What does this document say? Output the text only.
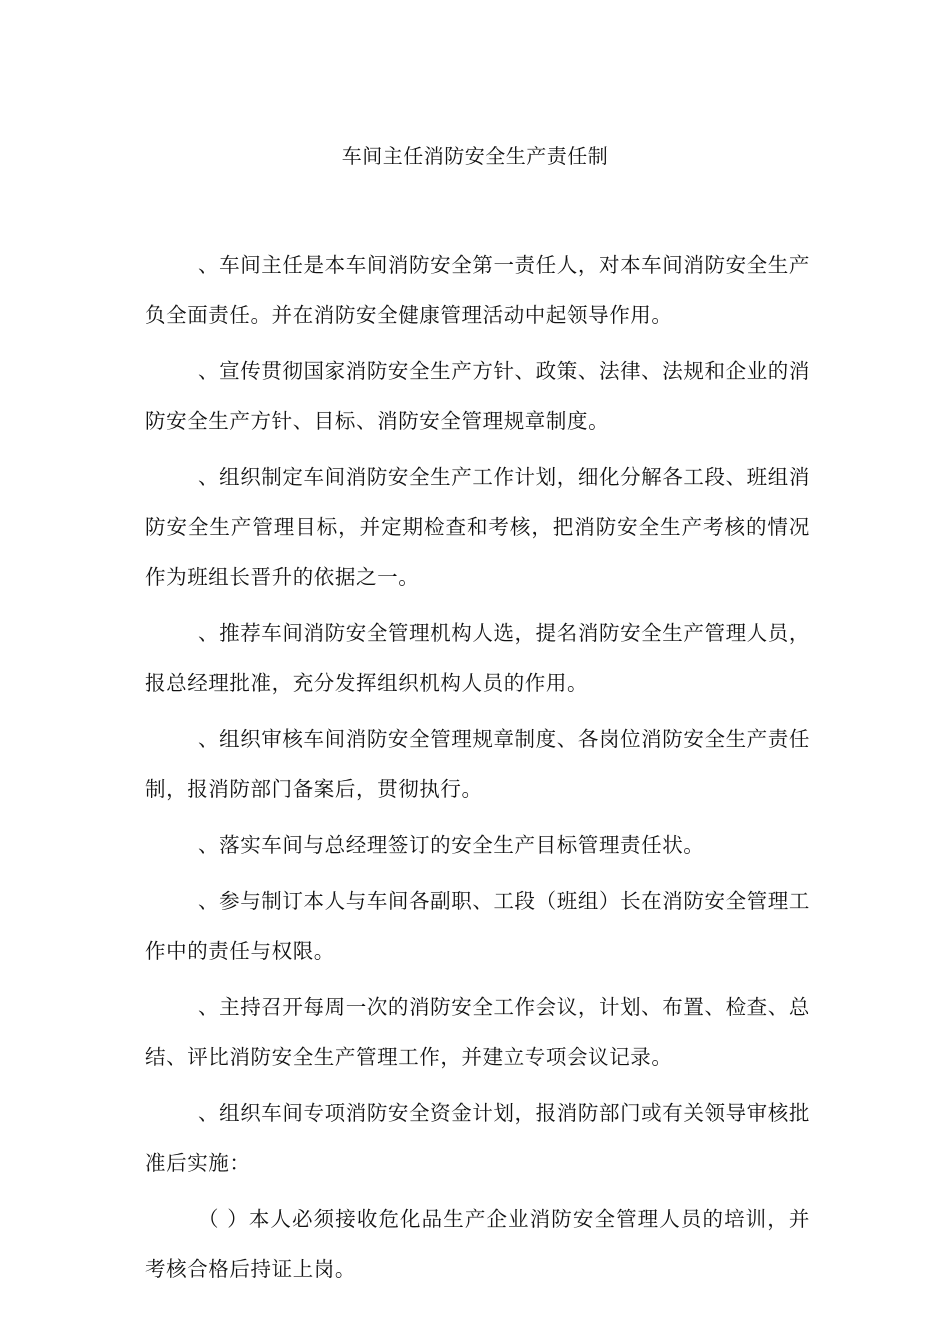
车间主任消防安全生产责任制

、车间主任是本车间消防安全第一责任人，对本车间消防安全生产负全面责任。并在消防安全健康管理活动中起领导作用。

、宣传贯彻国家消防安全生产方针、政策、法律、法规和企业的消防安全生产方针、目标、消防安全管理规章制度。

、组织制定车间消防安全生产工作计划，细化分解各工段、班组消防安全生产管理目标，并定期检查和考核，把消防安全生产考核的情况作为班组长晋升的依据之一。

、推荐车间消防安全管理机构人选，提名消防安全生产管理人员，报总经理批准，充分发挥组织机构人员的作用。

、组织审核车间消防安全管理规章制度、各岗位消防安全生产责任制，报消防部门备案后，贯彻执行。

、落实车间与总经理签订的安全生产目标管理责任状。

、参与制订本人与车间各副职、工段（班组）长在消防安全管理工作中的责任与权限。

、主持召开每周一次的消防安全工作会议，计划、布置、检查、总结、评比消防安全生产管理工作，并建立专项会议记录。

、组织车间专项消防安全资金计划，报消防部门或有关领导审核批准后实施：

（ ）本人必须接收危化品生产企业消防安全管理人员的培训，并考核合格后持证上岗。
